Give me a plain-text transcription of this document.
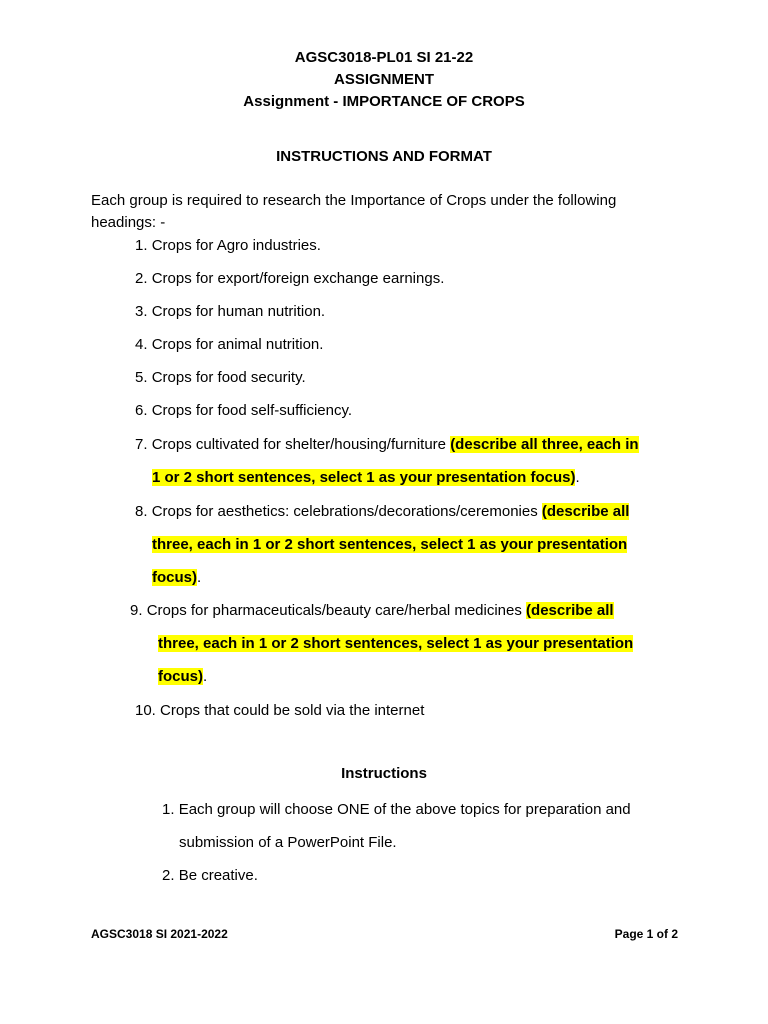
AGSC3018-PL01 SI 21-22
ASSIGNMENT
Assignment - IMPORTANCE OF CROPS
INSTRUCTIONS AND FORMAT
Each group is required to research the Importance of Crops under the following
headings: -
1. Crops for Agro industries.
2. Crops for export/foreign exchange earnings.
3. Crops for human nutrition.
4. Crops for animal nutrition.
5. Crops for food security.
6. Crops for food self-sufficiency.
7. Crops cultivated for shelter/housing/furniture (describe all three, each in
1 or 2 short sentences, select 1 as your presentation focus).
8. Crops for aesthetics: celebrations/decorations/ceremonies (describe all
three, each in 1 or 2 short sentences, select 1 as your presentation
focus).
9. Crops for pharmaceuticals/beauty care/herbal medicines (describe all
three, each in 1 or 2 short sentences, select 1 as your presentation
focus).
10. Crops that could be sold via the internet
Instructions
1. Each group will choose ONE of the above topics for preparation and
submission of a PowerPoint File.
2. Be creative.
AGSC3018 SI 2021-2022	Page 1 of 2
